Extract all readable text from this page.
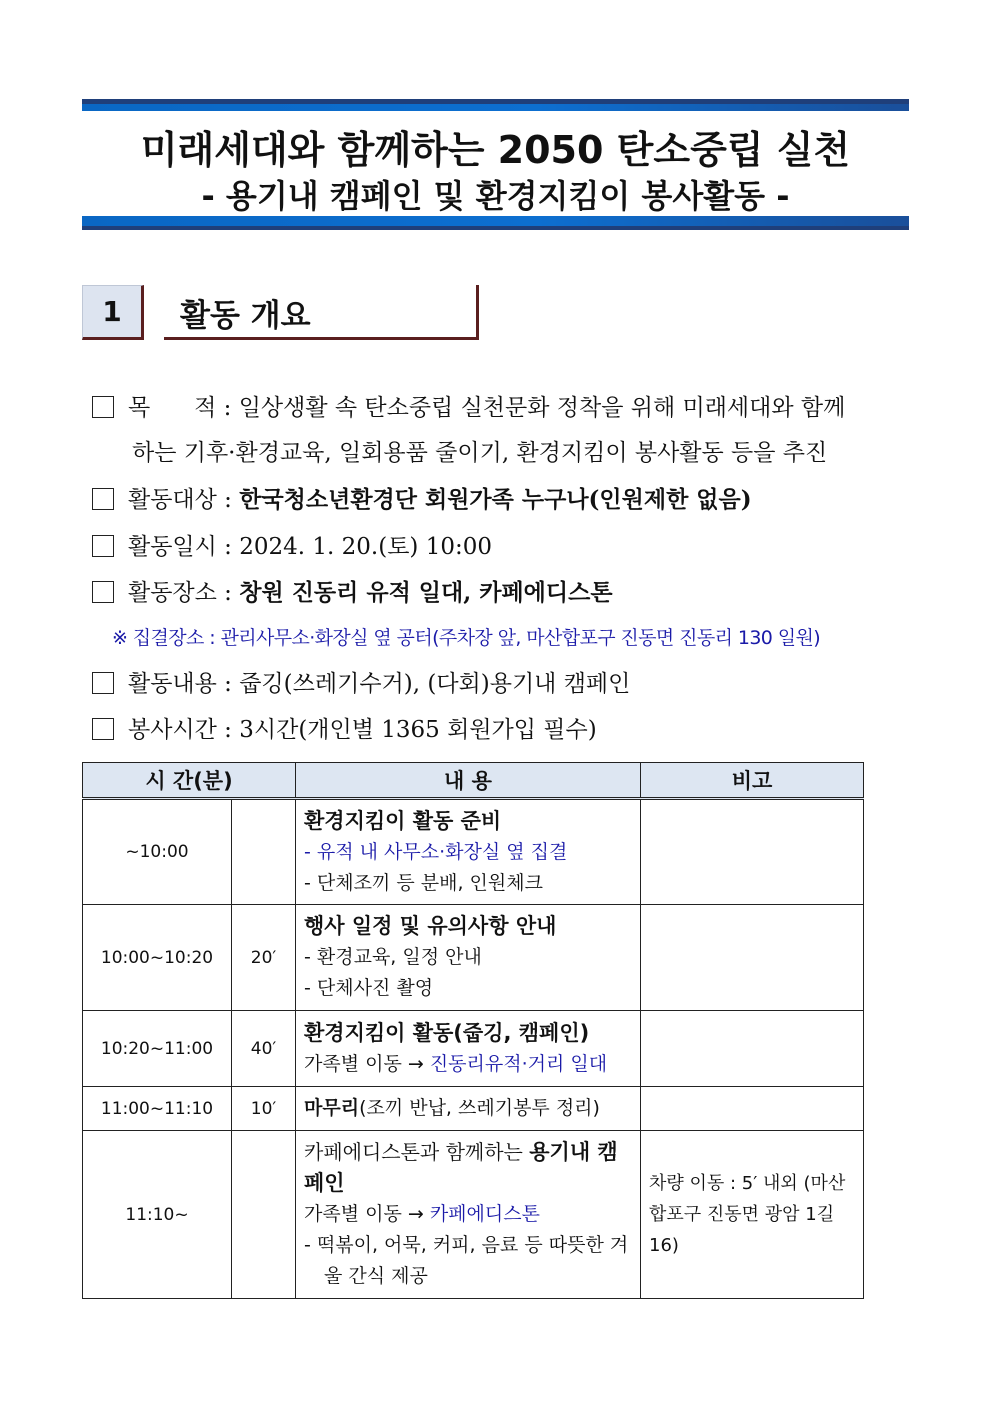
미래세대와 함께하는 2050 탄소중립 실천
- 용기내 캠페인 및 환경지킴이 봉사활동 -
1	활동 개요
목      적 : 일상생활 속 탄소중립 실천문화 정착을 위해 미래세대와 함께
하는 기후·환경교육, 일회용품 줄이기, 환경지킴이 봉사활동 등을 추진
활동대상 : 한국청소년환경단 회원가족 누구나(인원제한 없음)
활동일시 : 2024. 1. 20.(토) 10:00
활동장소 : 창원 진동리 유적 일대, 카페에디스톤
※ 집결장소 : 관리사무소·화장실 옆 공터(주차장 앞, 마산합포구 진동면 진동리 130 일원)
활동내용 : 줍깅(쓰레기수거), (다회)용기내 캠페인
봉사시간 : 3시간(개인별 1365 회원가입 필수)
시 간(분)		내 용	비고
~10:00		환경지킴이 활동 준비
- 유적 내 사무소·화장실 옆 집결
- 단체조끼 등 분배, 인원체크	

10:00~10:20	20′	행사 일정 및 유의사항 안내
- 환경교육, 일정 안내
- 단체사진 촬영	

10:20~11:00	40′	환경지킴이 활동(줍깅, 캠페인)
가족별 이동 → 진동리유적·거리 일대	

11:00~11:10	10′	마무리(조끼 반납, 쓰레기봉투 정리)	
11:10~		카페에디스톤과 함께하는 용기내 캠페인
가족별 이동 → 카페에디스톤
- 떡볶이, 어묵, 커피, 음료 등 따뜻한 겨울 간식 제공	차량 이동 : 5′ 내외 (마산합포구 진동면 광암 1길 16)
